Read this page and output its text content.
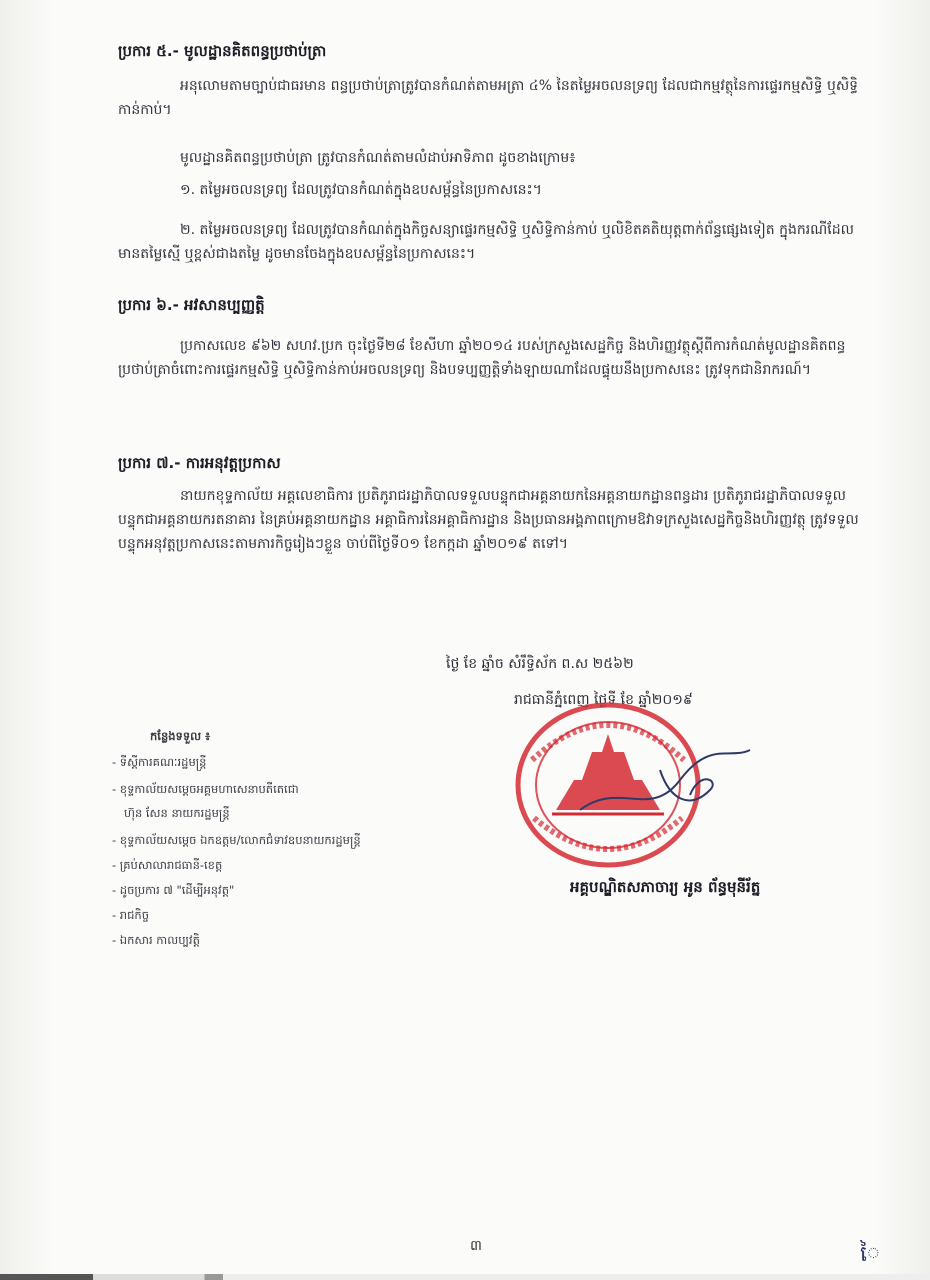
ប្រការ ៥.- មូលដ្ឋានគិតពន្ធប្រថាប់ត្រា
អនុលោមតាមច្បាប់ជាធរមាន ពន្ធប្រថាប់ត្រាត្រូវបានកំណត់តាមអត្រា ៤% នៃតម្លៃអចលនទ្រព្យ ដែលជាកម្មវត្ថុនៃការផ្ទេរកម្មសិទ្ធិ ឬសិទ្ធិកាន់កាប់។
មូលដ្ឋានគិតពន្ធប្រថាប់ត្រា ត្រូវបានកំណត់តាមលំដាប់អាទិភាព ដូចខាងក្រោម៖
១. តម្លៃអចលនទ្រព្យ ដែលត្រូវបានកំណត់ក្នុងឧបសម្ព័ន្ធនៃប្រកាសនេះ។
២. តម្លៃអចលនទ្រព្យ ដែលត្រូវបានកំណត់ក្នុងកិច្ចសន្យាផ្ទេរកម្មសិទ្ធិ ឬសិទ្ធិកាន់កាប់ ឬលិខិតគតិយុត្តពាក់ព័ន្ធផ្សេងទៀត ក្នុងករណីដែលមានតម្លៃស្មើ ឬខ្ពស់ជាងតម្លៃ ដូចមានចែងក្នុងឧបសម្ព័ន្ធនៃប្រកាសនេះ។
ប្រការ ៦.- អវសានប្បញ្ញត្តិ
ប្រកាសលេខ ៩៦២ សហវ.ប្រក ចុះថ្ងៃទី២៨ ខែសីហា ឆ្នាំ២០១៤ របស់ក្រសួងសេដ្ឋកិច្ច និងហិរញ្ញវត្ថុស្តីពីការកំណត់មូលដ្ឋានគិតពន្ធប្រថាប់ត្រាចំពោះការផ្ទេរកម្មសិទ្ធិ ឬសិទ្ធិកាន់កាប់អចលនទ្រព្យ និងបទប្បញ្ញត្តិទាំងឡាយណាដែលផ្ទុយនឹងប្រកាសនេះ ត្រូវទុកជានិរាករណ៍។
ប្រការ ៧.- ការអនុវត្តប្រកាស
នាយកខុទ្ទកាល័យ អគ្គលេខាធិការ ប្រតិភូរាជរដ្ឋាភិបាលទទួលបន្ទុកជាអគ្គនាយកនៃអគ្គនាយកដ្ឋានពន្ធដារ ប្រតិភូរាជរដ្ឋាភិបាលទទួលបន្ទុកជាអគ្គនាយករតនាគារ នៃគ្រប់អគ្គនាយកដ្ឋាន អគ្គាធិការនៃអគ្គាធិការដ្ឋាន និងប្រធានអង្គភាពក្រោមឱវាទក្រសួងសេដ្ឋកិច្ចនិងហិរញ្ញវត្ថុ ត្រូវទទួលបន្ទុកអនុវត្តប្រកាសនេះតាមភារកិច្ចរៀងៗខ្លួន ចាប់ពីថ្ងៃទី០១ ខែកក្កដា ឆ្នាំ២០១៩ តទៅ។
ថ្ងៃ ខែ ឆ្នាំច សំរឹទ្ធិស័ក ព.ស ២៥៦២
រាជធានីភ្នំពេញ ថ្ងៃទី ខែ ឆ្នាំ២០១៩
អគ្គបណ្ឌិតសភាចារ្យ អូន ព័ន្ធមុនីរ័ត្ន
កន្លែងទទួល ៖
- ទីស្តីការគណៈរដ្ឋមន្ត្រី
- ខុទ្ទកាល័យសម្តេចអគ្គមហាសេនាបតីតេជោ
ហ៊ុន សែន នាយករដ្ឋមន្ត្រី
- ខុទ្ទកាល័យសម្តេច ឯកឧត្តម/លោកជំទាវឧបនាយករដ្ឋមន្ត្រី
- គ្រប់សាលារាជធានី-ខេត្ត
- ដូចប្រការ ៧ "ដើម្បីអនុវត្ត"
- រាជកិច្ច
- ឯកសារ កាលប្បវត្តិ
៣	ៃ
